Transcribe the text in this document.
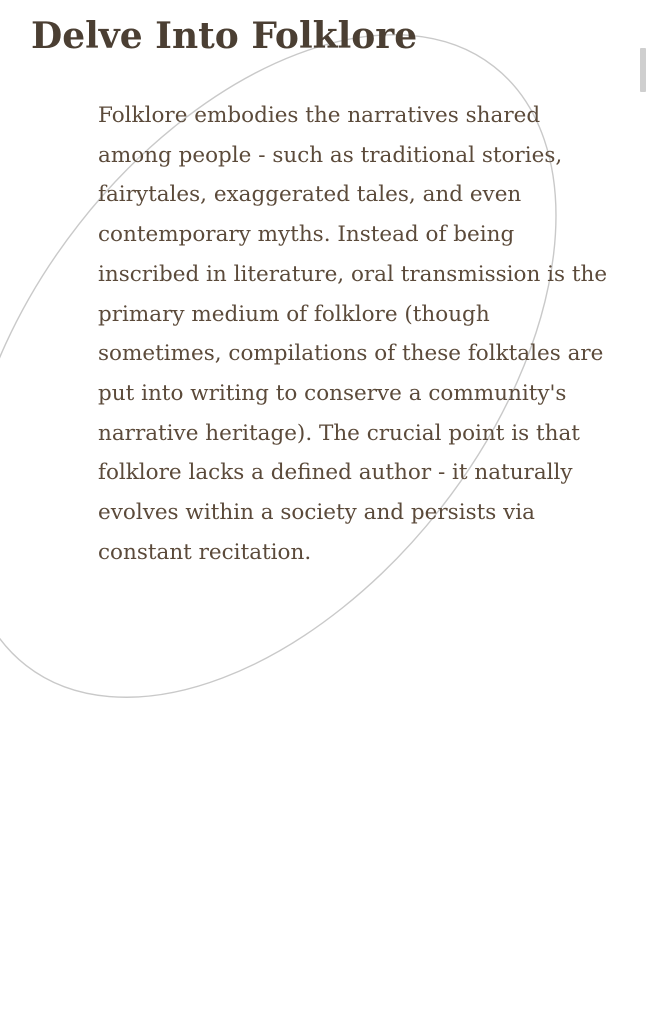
Delve Into Folklore

Folklore embodies the narratives shared among people - such as traditional stories, fairytales, exaggerated tales, and even contemporary myths. Instead of being inscribed in literature, oral transmission is the primary medium of folklore (though sometimes, compilations of these folktales are put into writing to conserve a community's narrative heritage). The crucial point is that folklore lacks a defined author - it naturally evolves within a society and persists via constant recitation.
